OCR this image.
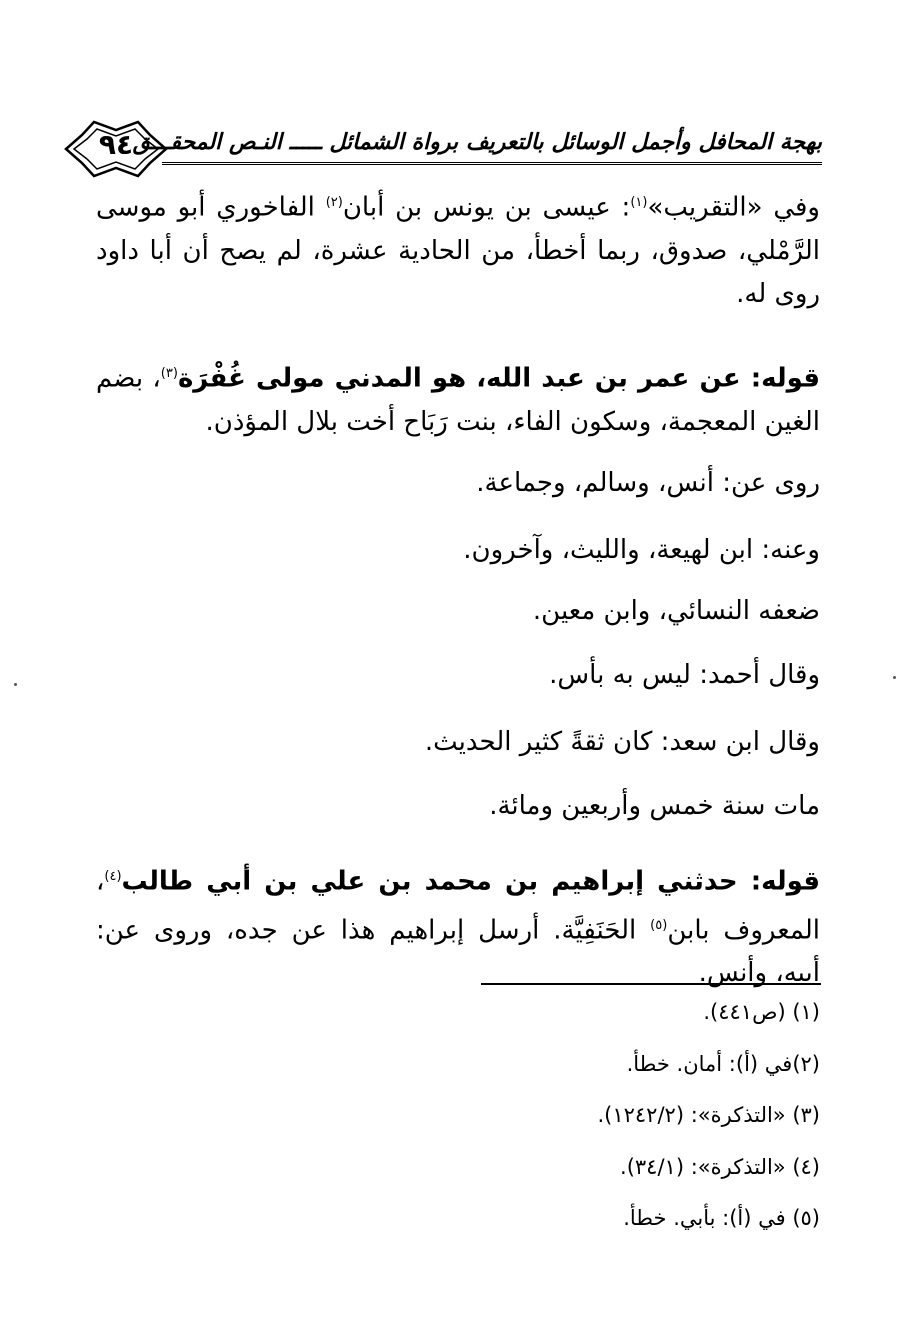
٩٤ بهجة المحافل وأجمل الوسائل بالتعريف برواة الشمائل ـــــ النـص المحقـــق
وفي «التقريب»$^{(١)}$: عيسى بن يونس بن أبان$^{(٢)}$ الفاخوري أبو موسى الرَّمْلي، صدوق، ربما أخطأ، من الحادية عشرة، لم يصح أن أبا داود روى له.
قوله: عن عمر بن عبد الله، هو المدني مولى غُفْرَة$^{(٣)}$، بضم الغين المعجمة، وسكون الفاء، بنت رَبَاح أخت بلال المؤذن.
روى عن: أنس، وسالم، وجماعة.
وعنه: ابن لهيعة، والليث، وآخرون.
ضعفه النسائي، وابن معين.
وقال أحمد: ليس به بأس.
وقال ابن سعد: كان ثقةً كثير الحديث.
مات سنة خمس وأربعين ومائة.
قوله: حدثني إبراهيم بن محمد بن علي بن أبي طالب$^{(٤)}$، المعروف بابن$^{(٥)}$ الحَنَفِيَّة. أرسل إبراهيم هذا عن جده، وروى عن: أبيه، وأنس.
(١) (ص٤٤١).
(٢)في (أ): أمان. خطأ.
(٣) «التذكرة»: (١٢٤٢/٢).
(٤) «التذكرة»: (٣٤/١).
(٥) في (أ): بأبي. خطأ.
